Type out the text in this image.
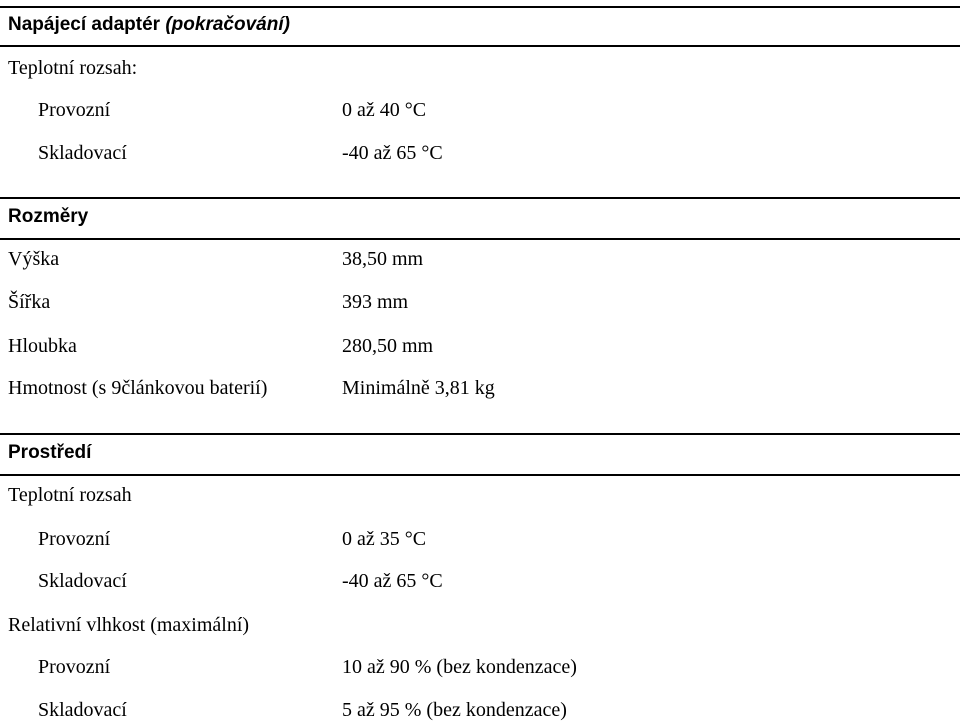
Napájecí adaptér (pokračování)
Teplotní rozsah:
Provozní	0 až 40 °C
Skladovací	-40 až 65 °C
Rozměry
Výška	38,50 mm
Šířka	393 mm
Hloubka	280,50 mm
Hmotnost (s 9článkovou baterií)	Minimálně 3,81 kg
Prostředí
Teplotní rozsah
Provozní	0 až 35 °C
Skladovací	-40 až 65 °C
Relativní vlhkost (maximální)
Provozní	10 až 90 % (bez kondenzace)
Skladovací	5 až 95 % (bez kondenzace)
